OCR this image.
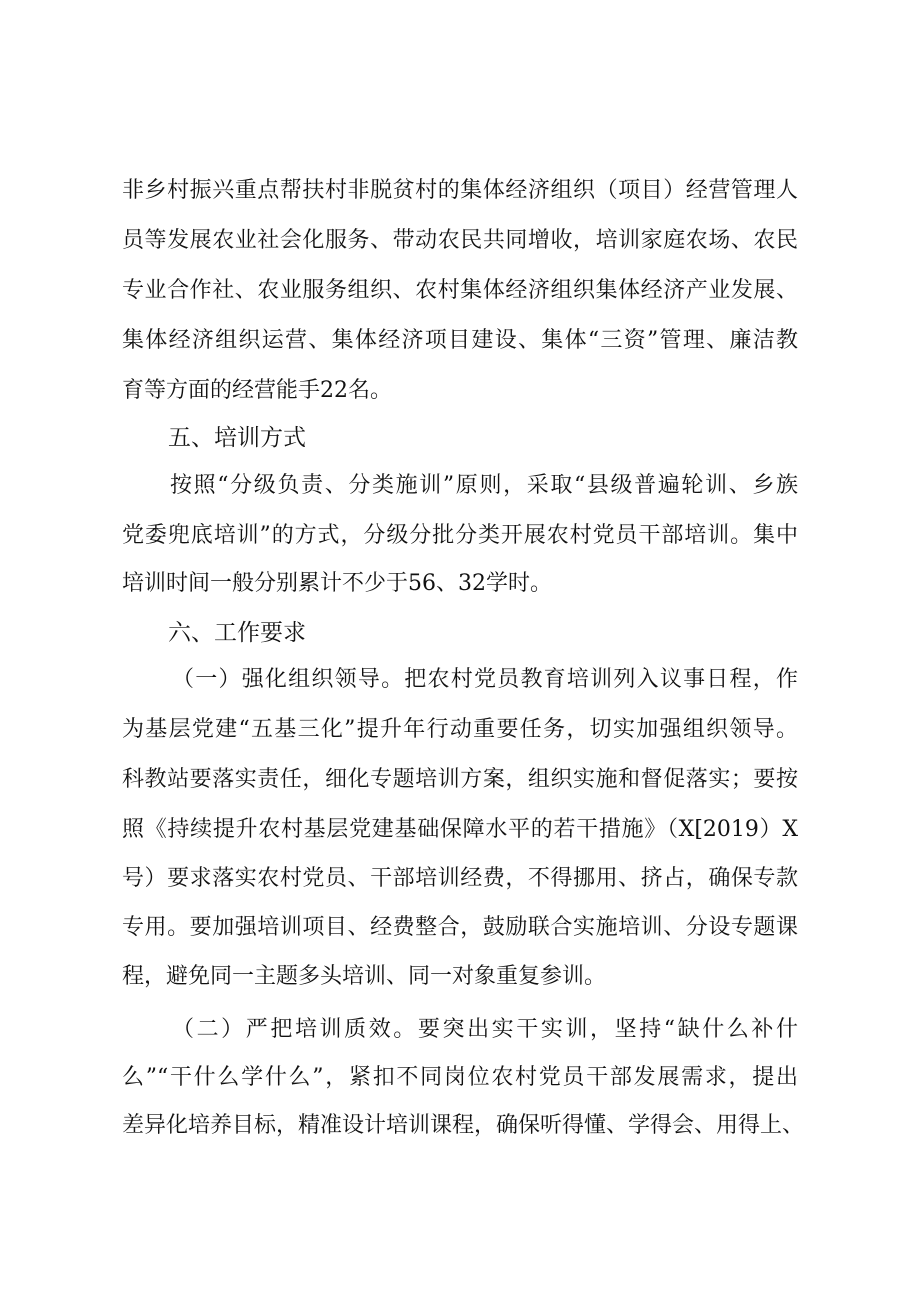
非乡村振兴重点帮扶村非脱贫村的集体经济组织（项目）经营管理人
员等发展农业社会化服务、带动农民共同增收，培训家庭农场、农民
专业合作社、农业服务组织、农村集体经济组织集体经济产业发展、
集体经济组织运营、集体经济项目建设、集体“三资”管理、廉洁教
育等方面的经营能手22名。
五、培训方式
按照“分级负责、分类施训”原则，采取“县级普遍轮训、乡族
党委兜底培训”的方式，分级分批分类开展农村党员干部培训。集中
培训时间一般分别累计不少于56、32学时。
六、工作要求
（一）强化组织领导。把农村党员教育培训列入议事日程，作
为基层党建“五基三化”提升年行动重要任务，切实加强组织领导。
科教站要落实责任，细化专题培训方案，组织实施和督促落实；要按
照《持续提升农村基层党建基础保障水平的若干措施》（X[2019）X
号）要求落实农村党员、干部培训经费，不得挪用、挤占，确保专款
专用。要加强培训项目、经费整合，鼓励联合实施培训、分设专题课
程，避免同一主题多头培训、同一对象重复参训。
（二）严把培训质效。要突出实干实训，坚持“缺什么补什
么”“干什么学什么”，紧扣不同岗位农村党员干部发展需求，提出
差异化培养目标，精准设计培训课程，确保听得懂、学得会、用得上、
